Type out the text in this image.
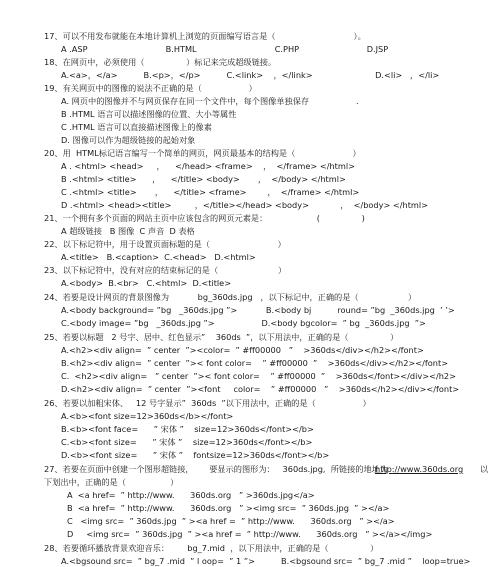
17、可以不用发布就能在本地计算机上浏览的页面编写语言是（                              ）。
A .ASP                              B.HTML                              C.PHP                          D.JSP
18、在网页中，必须使用（                ）标记来完成超级链接。
A.<a>，</a>          B.<p>，</p>          C.<link>    ，</link>                        D.<li>   ，</li>
19、有关网页中的图像的说法不正确的是（                  ）
A. 网页中的图像并不与网页保存在同一个文件中，每个图像单独保存                  .
B .HTML 语言可以描述图像的位置、大小等属性
C .HTML 语言可以直接描述图像上的像素
D. 图像可以作为超级链接的起始对象
20、用  HTML标记语言编写一个简单的网页，网页最基本的结构是（                      ）
A . <html> <head>     ，    </head> <frame>    ，  </frame> </html>
B .<html> <title>      ，    </title> <body>       ，  </body> </html>
C .<html> <title>       ，    </title> <frame>        ，  </frame> </html>
D .<html> <head><title>         ，</title></head> <body>            ，  </body> </html>
21、一个拥有多个页面的网站主页中应该包含的网页元素是：                   (                )
A 超级链接   B 图像  C 声音  D 表格
22、以下标记符中，用于设置页面标题的是（                          ）
A.<title>   B.<caption>  C.<head>   D.<html>
23、以下标记符中，没有对应的结束标记的是（                       ）
A.<body>  B.<br>   C.<html>  D.<title>
24、若要是设计网页的背景图像为           bg_360ds.jpg   ，以下标记中，正确的是（                   ）
A.<body background= ”bg   _360ds.jpg ”>           B.<body bj          round= ”bg  _360ds.jpg  ’ ’>
C.<body image= ”bg   _360ds.jpg ”>                  D.<body bgcolor=  ” bg  _360ds.jpg  ”>
25、若要以标题   2 号字、居中、红色显示”    360ds  ”，以下用法中，正确的是（                ）
A.<h2><div align=  ” center  ”><color=  ” #ff00000   ”    >360ds</div></h2></font>
B.<h2><div align=  ” center  ”>< font color=    ” #ff00000  ”    >360ds</div></h2></font>
C.  <h2><div align=   ” center  ”>< font color=    ” #ff00000  ”    >360ds</font></div></h2>
D.<h2><div align=  ” center  ”><font     color=    ” #ff00000   ”    >360ds</h2></div></font>
26、若要以加粗宋体、   12 号字显示”  360ds  ”以下用法中，正确的是（                  ）
A.<b><font size=12>360ds</b></font>
B.<b><font face=      ” 宋体 ”    size=12>360ds</font></b>
C.<b><font size=      ” 宋体 ”    size=12>360ds</font></b>
D.<b><font size=      ” 宋体 ”    fontsize=12>360ds</font></b>
27、若要在页面中创建一个图形超链接，      要显示的图形为：   360ds.jpg,  所链接的地址为
下划出中，正确的是（                 ）
A  <a href=  ” http://www.      360ds.org   ” >360ds.jpg</a>
B  <a href=  ” http://www.      360ds.org   ” ><img src=  ” 360ds.jpg  ” ></a>
C   <img src=  ” 360ds.jpg  ” ><a href =  ” http://www.      360ds.org   ” ></a>
D     <img src=  ” 360ds.jpg  ” ><a href =  ” http://www.      360ds.org   ” ></a></img>
28、若要循环播放背景欢迎音乐：       bg_7.mid  ，以下用法中，正确的是（                ）
A.<bgsound src=  ” bg_7 .mid  ” l oop=  ” 1 ”>          B.<bgsound src=  ” bg_7 .mid ”    loop=true>
http://www.360ds.org 以
